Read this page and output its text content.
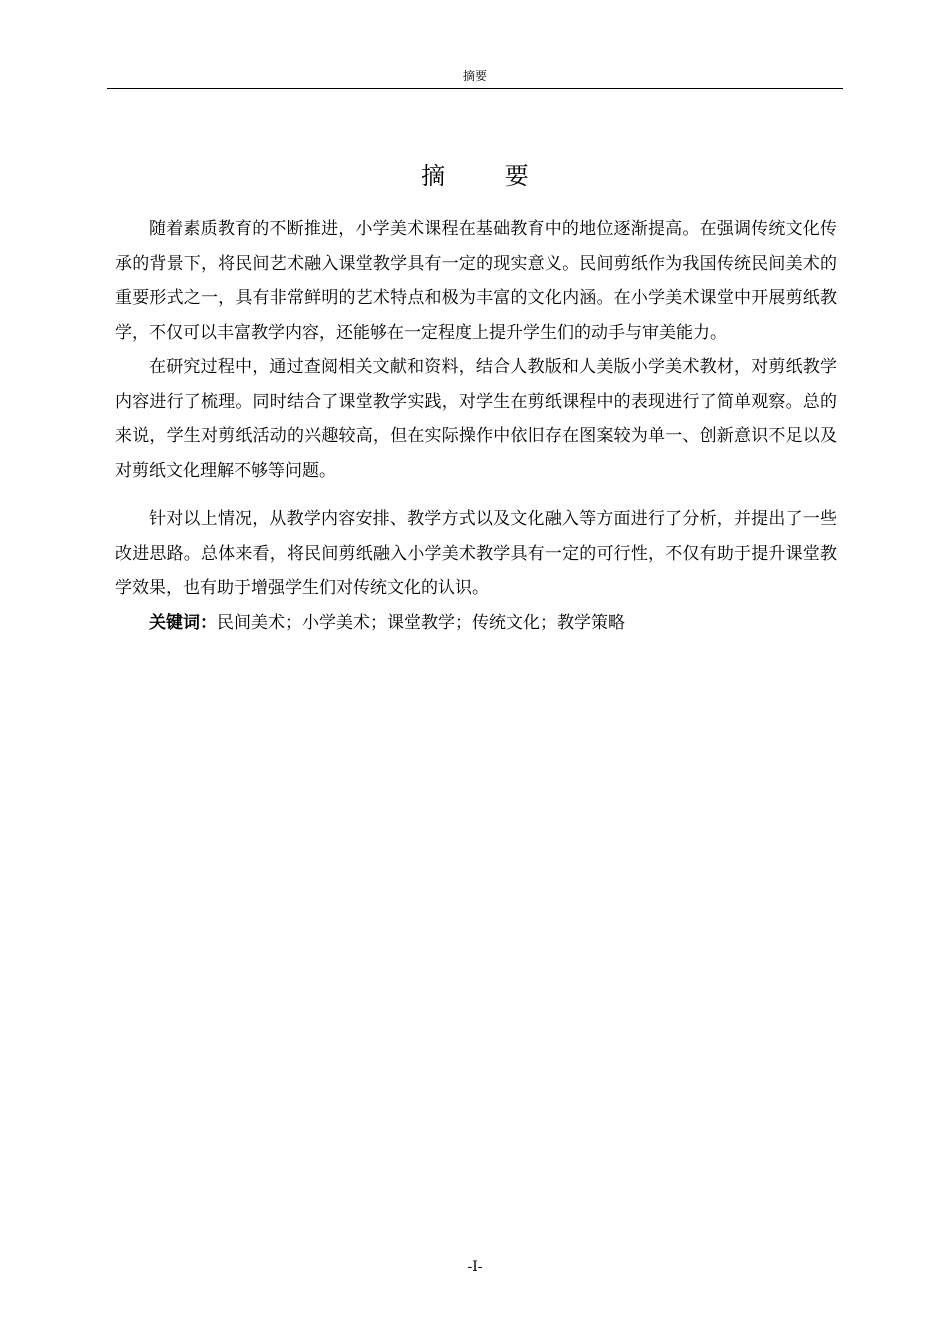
摘要
摘 要

随着素质教育的不断推进，小学美术课程在基础教育中的地位逐渐提高。在强调传统文化传承的背景下，将民间艺术融入课堂教学具有一定的现实意义。民间剪纸作为我国传统民间美术的重要形式之一，具有非常鲜明的艺术特点和极为丰富的文化内涵。在小学美术课堂中开展剪纸教学，不仅可以丰富教学内容，还能够在一定程度上提升学生们的动手与审美能力。

在研究过程中，通过查阅相关文献和资料，结合人教版和人美版小学美术教材，对剪纸教学内容进行了梳理。同时结合了课堂教学实践，对学生在剪纸课程中的表现进行了简单观察。总的来说，学生对剪纸活动的兴趣较高，但在实际操作中依旧存在图案较为单一、创新意识不足以及对剪纸文化理解不够等问题。

针对以上情况，从教学内容安排、教学方式以及文化融入等方面进行了分析，并提出了一些改进思路。总体来看，将民间剪纸融入小学美术教学具有一定的可行性，不仅有助于提升课堂教学效果，也有助于增强学生们对传统文化的认识。

关键词：民间美术；小学美术；课堂教学；传统文化；教学策略

-I-
